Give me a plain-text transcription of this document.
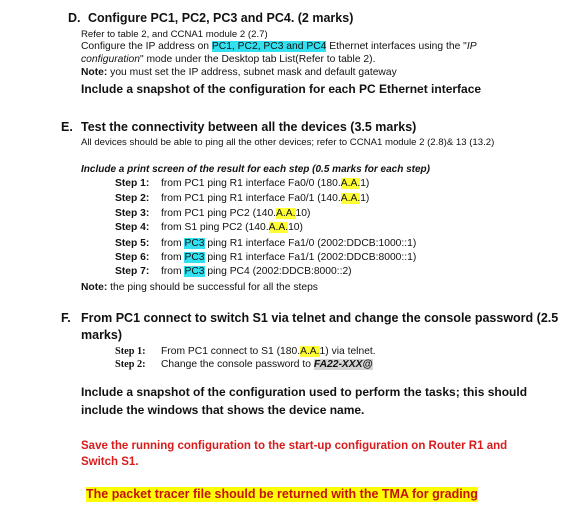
D. Configure PC1, PC2, PC3 and PC4. (2 marks)
Refer to table 2, and CCNA1 module 2 (2.7)
Configure the IP address on PC1, PC2, PC3 and PC4 Ethernet interfaces using the "IP
configuration" mode under the Desktop tab List(Refer to table 2).
Note: you must set the IP address, subnet mask and default gateway
Include a snapshot of the configuration for each PC Ethernet interface
E. Test the connectivity between all the devices (3.5 marks)
All devices should be able to ping all the other devices; refer to CCNA1 module 2 (2.8)& 13 (13.2)
Include a print screen of the result for each step (0.5 marks for each step)
Step 1: from PC1 ping R1 interface Fa0/0 (180.A.A.1)
Step 2: from PC1 ping R1 interface Fa0/1 (140.A.A.1)
Step 3: from PC1 ping PC2 (140.A.A.10)
Step 4: from S1 ping PC2 (140.A.A.10)
Step 5: from PC3 ping R1 interface Fa1/0 (2002:DDCB:1000::1)
Step 6: from PC3 ping R1 interface Fa1/1 (2002:DDCB:8000::1)
Step 7: from PC3 ping PC4 (2002:DDCB:8000::2)
Note: the ping should be successful for all the steps
F. From PC1 connect to switch S1 via telnet and change the console password (2.5
marks)
Step 1: From PC1 connect to S1 (180.A.A.1) via telnet.
Step 2: Change the console password to FA22-XXX@
Include a snapshot of the configuration used to perform the tasks; this should
include the windows that shows the device name.
Save the running configuration to the start-up configuration on Router R1 and
Switch S1.
The packet tracer file should be returned with the TMA for grading
